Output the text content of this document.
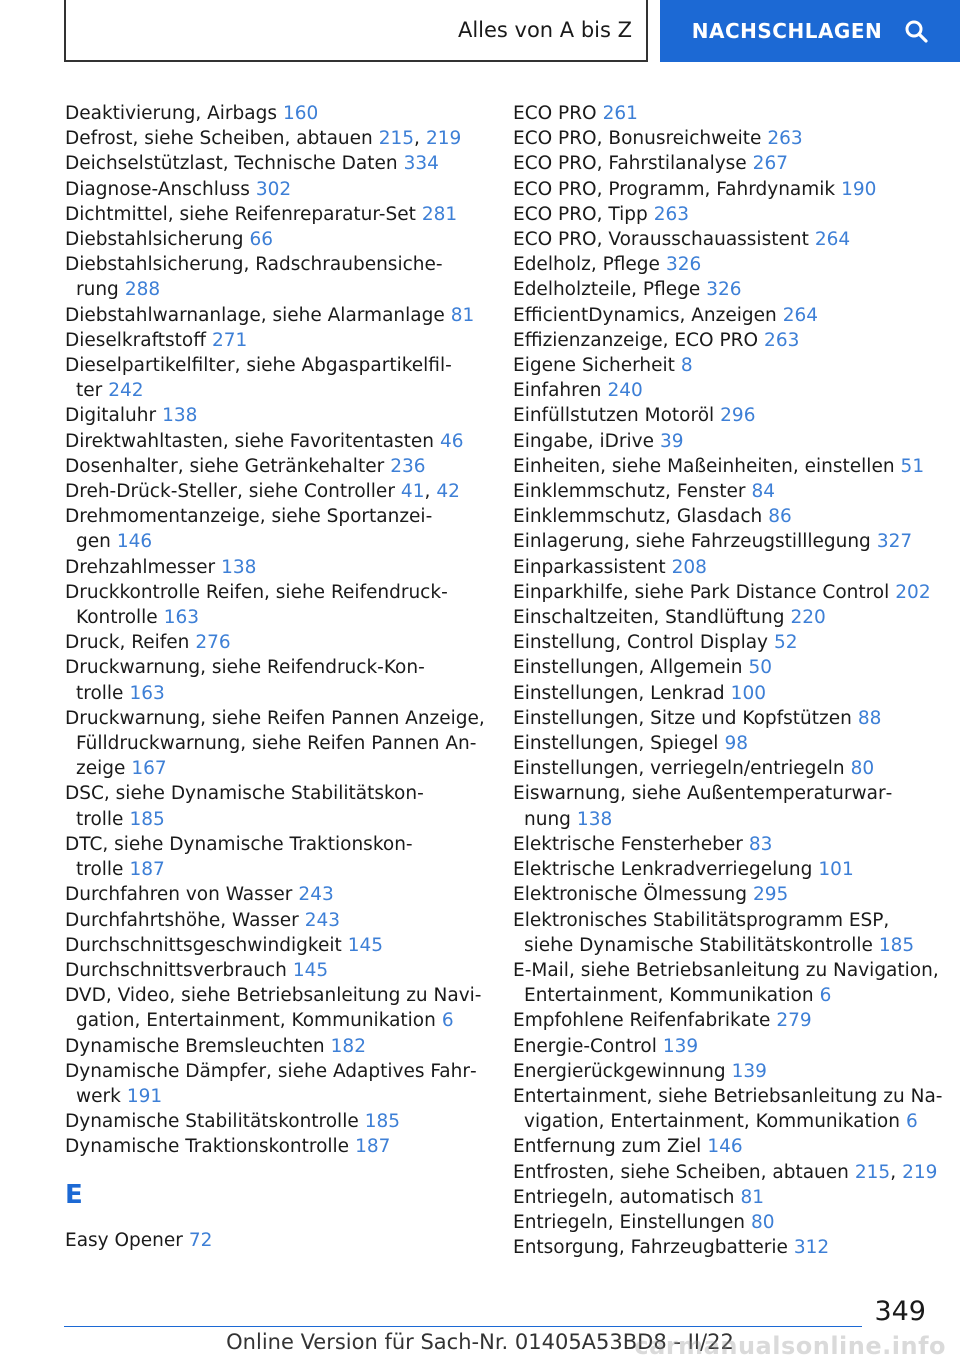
Alles von A bis Z	NACHSCHLAGEN
Deaktivierung, Airbags 160
Defrost, siehe Scheiben, abtauen 215, 219
Deichselstützlast, Technische Daten 334
Diagnose-Anschluss 302
Dichtmittel, siehe Reifenreparatur-Set 281
Diebstahlsicherung 66
Diebstahlsicherung, Radschraubensicherung 288
Diebstahlwarnanlage, siehe Alarmanlage 81
Dieselkraftstoff 271
Dieselpartikelfilter, siehe Abgaspartikelfilter 242
Digitaluhr 138
Direktwahltasten, siehe Favoritentasten 46
Dosenhalter, siehe Getränkehalter 236
Dreh-Drück-Steller, siehe Controller 41, 42
Drehmomentanzeige, siehe Sportanzeigen 146
Drehzahlmesser 138
Druckkontrolle Reifen, siehe Reifendruck-Kontrolle 163
Druck, Reifen 276
Druckwarnung, siehe Reifendruck-Kontrolle 163
Druckwarnung, siehe Reifen Pannen Anzeige, Fülldruckwarnung, siehe Reifen Pannen Anzeige 167
DSC, siehe Dynamische Stabilitätskontrolle 185
DTC, siehe Dynamische Traktionskontrolle 187
Durchfahren von Wasser 243
Durchfahrtshöhe, Wasser 243
Durchschnittsgeschwindigkeit 145
Durchschnittsverbrauch 145
DVD, Video, siehe Betriebsanleitung zu Navigation, Entertainment, Kommunikation 6
Dynamische Bremsleuchten 182
Dynamische Dämpfer, siehe Adaptives Fahrwerk 191
Dynamische Stabilitätskontrolle 185
Dynamische Traktionskontrolle 187
E
Easy Opener 72
ECO PRO 261
ECO PRO, Bonusreichweite 263
ECO PRO, Fahrstilanalyse 267
ECO PRO, Programm, Fahrdynamik 190
ECO PRO, Tipp 263
ECO PRO, Vorausschauassistent 264
Edelholz, Pflege 326
Edelholzteile, Pflege 326
EfficientDynamics, Anzeigen 264
Effizienzanzeige, ECO PRO 263
Eigene Sicherheit 8
Einfahren 240
Einfüllstutzen Motoröl 296
Eingabe, iDrive 39
Einheiten, siehe Maßeinheiten, einstellen 51
Einklemmschutz, Fenster 84
Einklemmschutz, Glasdach 86
Einlagerung, siehe Fahrzeugstilllegung 327
Einparkassistent 208
Einparkhilfe, siehe Park Distance Control 202
Einschaltzeiten, Standlüftung 220
Einstellung, Control Display 52
Einstellungen, Allgemein 50
Einstellungen, Lenkrad 100
Einstellungen, Sitze und Kopfstützen 88
Einstellungen, Spiegel 98
Einstellungen, verriegeln/entriegeln 80
Eiswarnung, siehe Außentemperaturwarnung 138
Elektrische Fensterheber 83
Elektrische Lenkradverriegelung 101
Elektronische Ölmessung 295
Elektronisches Stabilitätsprogramm ESP, siehe Dynamische Stabilitätskontrolle 185
E-Mail, siehe Betriebsanleitung zu Navigation, Entertainment, Kommunikation 6
Empfohlene Reifenfabrikate 279
Energie-Control 139
Energierückgewinnung 139
Entertainment, siehe Betriebsanleitung zu Navigation, Entertainment, Kommunikation 6
Entfernung zum Ziel 146
Entfrosten, siehe Scheiben, abtauen 215, 219
Entriegeln, automatisch 81
Entriegeln, Einstellungen 80
Entsorgung, Fahrzeugbatterie 312
349
Online Version für Sach-Nr. 01405A53BD8 - II/22
carmanualsonline.info
